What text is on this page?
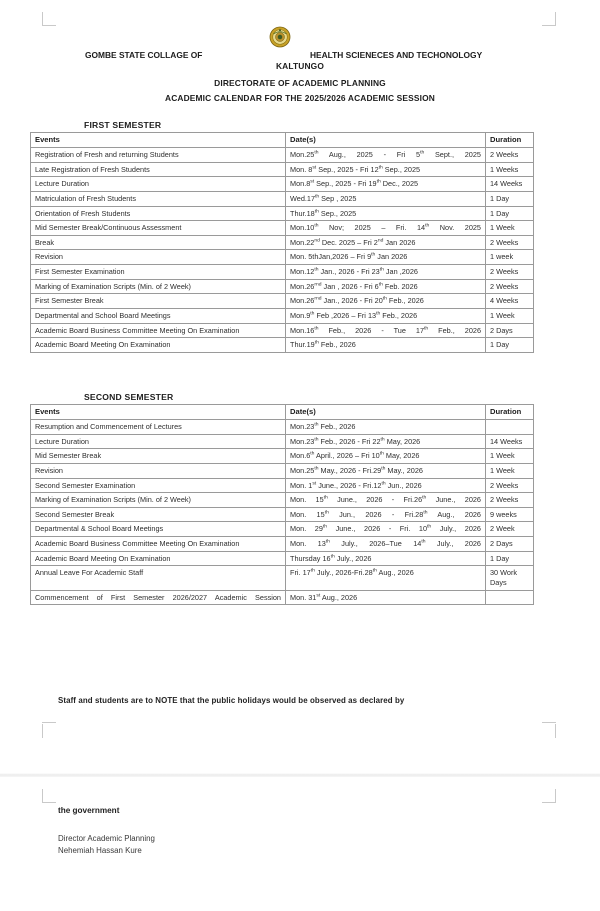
GOMBE STATE COLLAGE OF	HEALTH SCIENECES AND TECHONOLOGY
KALTUNGO
DIRECTORATE OF ACADEMIC PLANNING
ACADEMIC CALENDAR FOR THE 2025/2026 ACADEMIC SESSION
FIRST SEMESTER
Events	Date(s)	Duration
Registration of Fresh and returning Students	Mon.25th Aug., 2025 - Fri 5th Sept., 2025	2 Weeks
Late Registration of Fresh Students	Mon. 8st Sep., 2025 - Fri 12th Sep., 2025	1 Weeks
Lecture Duration	Mon.8st Sep., 2025 - Fri 19th Dec., 2025	14 Weeks
Matriculation of Fresh Students	Wed.17th Sep , 2025	1 Day
Orientation of Fresh Students	Thur.18th Sep., 2025	1 Day
Mid Semester Break/Continuous Assessment	Mon.10th Nov; 2025 – Fri. 14th Nov. 2025	1 Week
Break	Mon.22nd Dec. 2025 – Fri 2nd Jan 2026	2 Weeks
Revision	Mon. 5thJan,2026 – Fri 9th Jan 2026	1 week
First Semester Examination	Mon.12th Jan., 2026 - Fri 23th Jan ,2026	2 Weeks
Marking of Examination Scripts (Min. of 2 Week)	$Mon.26^{rnd}$ Jan , 2026 - Fri 6th Feb. 2026	2 Weeks
First Semester Break	$Mon.26^{rnd}$ Jan., 2026 - Fri 20th Feb., 2026	4 Weeks
Departmental and School Board Meetings	Mon.9th Feb ,2026 – Fri 13th Feb., 2026	1 Week
Academic Board Business Committee Meeting On Examination	Mon.16th Feb., 2026 - Tue 17th Feb., 2026	2 Days
Academic Board Meeting On Examination	Thur.19th Feb., 2026	1 Day
SECOND SEMESTER
Events	Date(s)	Duration
Resumption and Commencement of Lectures	Mon.23th Feb., 2026	
Lecture Duration	Mon.23th Feb., 2026 - Fri 22th May, 2026	14 Weeks
Mid Semester Break	Mon.6th April., 2026 – Fri 10th May, 2026	1 Week
Revision	Mon.25th May., 2026 - Fri.29th May., 2026	1 Week
Second Semester Examination	Mon. 1st June., 2026 - Fri.12th Jun., 2026	2 Weeks
Marking of Examination Scripts (Min. of 2 Week)	Mon. 15th June., 2026 - Fri.26th June., 2026	2 Weeks
Second Semester Break	Mon. 15th Jun., 2026 - Fri.28th Aug., 2026	9 weeks
Departmental & School Board Meetings	Mon. 29th June., 2026 - Fri. 10th July., 2026	2 Week
Academic Board Business Committee Meeting On Examination	Mon. 13th July., 2026–Tue 14th July., 2026	2 Days
Academic Board Meeting On Examination	Thursday 16th July., 2026	1 Day
Annual Leave For Academic Staff	Fri. 17th July., 2026-Fri.28th Aug., 2026	30 Work Days
Commencement of First Semester 2026/2027 Academic Session	Mon. 31st Aug., 2026	
Staff and students are to NOTE that the public holidays would be observed as declared by
the government
Director Academic Planning
Nehemiah Hassan Kure
